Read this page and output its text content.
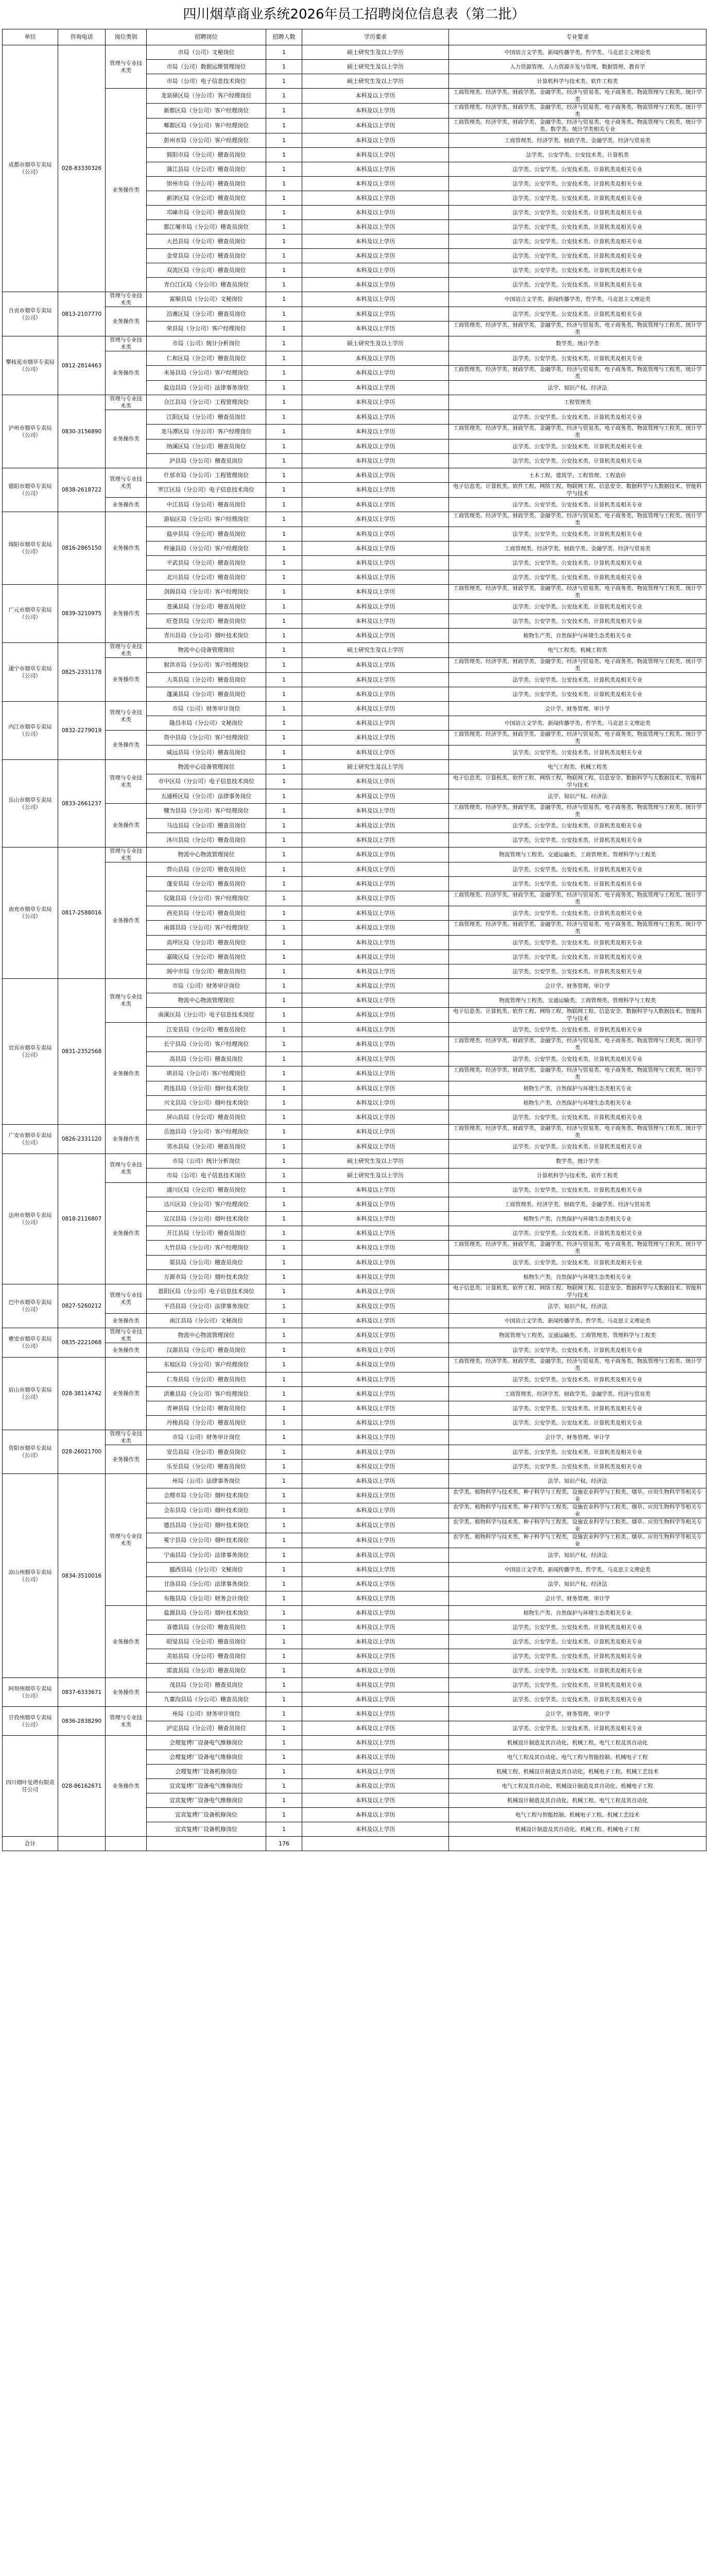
四川烟草商业系统2026年员工招聘岗位信息表（第二批）
单位	咨询电话	岗位类别	招聘岗位	招聘人数	学历要求	专业要求
成都市烟草专卖局（公司）	028-83330326	管理与专业技术类	市局（公司）文秘岗位	1	硕士研究生及以上学历	中国语言文学类、新闻传播学类、哲学类、马克思主义理论类
			市局（公司）数据运维管理岗位	1	硕士研究生及以上学历	人力资源管理、人力资源开发与管理、数据管理、教育学
			市局（公司）电子信息技术岗位	1	硕士研究生及以上学历	计算机科学与技术类、软件工程类
		业务操作类	龙泉驿区局（分公司）客户经理岗位	1	本科及以上学历	工商管理类、经济学类、财政学类、金融学类、经济与贸易类、电子商务类、物流管理与工程类、统计学类
			新都区局（分公司）客户经理岗位	1	本科及以上学历	工商管理类、经济学类、财政学类、金融学类、经济与贸易类、电子商务类、物流管理与工程类、统计学类
			郫都区局（分公司）客户经理岗位	1	本科及以上学历	工商管理类、经济学类、财政学类、金融学类、经济与贸易类、电子商务类、物流管理与工程类、统计学类、数学类、统计学类相关专业
			彭州市局（分公司）客户经理岗位	1	本科及以上学历	工商管理类、经济学类、财政学类、金融学类、经济与贸易类
			简阳市局（分公司）稽查员岗位	1	本科及以上学历	法学类、公安学类、公安技术类、计算机类
			蒲江县局（分公司）稽查员岗位	1	本科及以上学历	法学类、公安学类、公安技术类、计算机类及相关专业
			崇州市局（分公司）稽查员岗位	1	本科及以上学历	法学类、公安学类、公安技术类、计算机类及相关专业
			新津区局（分公司）稽查员岗位	1	本科及以上学历	法学类、公安学类、公安技术类、计算机类及相关专业
			邛崃市局（分公司）稽查员岗位	1	本科及以上学历	法学类、公安学类、公安技术类、计算机类及相关专业
			都江堰市局（分公司）稽查员岗位	1	本科及以上学历	法学类、公安学类、公安技术类、计算机类及相关专业
			大邑县局（分公司）稽查员岗位	1	本科及以上学历	法学类、公安学类、公安技术类、计算机类及相关专业
			金堂县局（分公司）稽查员岗位	1	本科及以上学历	法学类、公安学类、公安技术类、计算机类及相关专业
			双流区局（分公司）稽查员岗位	1	本科及以上学历	法学类、公安学类、公安技术类、计算机类及相关专业
			青白江区局（分公司）稽查员岗位	1	本科及以上学历	法学类、公安学类、公安技术类、计算机类及相关专业
自贡市烟草专卖局（公司）	0813-2107770	管理与专业技术类	富顺县局（分公司）文秘岗位	1	本科及以上学历	中国语言文学类、新闻传播学类、哲学类、马克思主义理论类
		业务操作类	沿滩区局（分公司）稽查员岗位	1	本科及以上学历	法学类、公安学类、公安技术类、计算机类及相关专业
			荣县局（分公司）客户经理岗位	1	本科及以上学历	工商管理类、经济学类、财政学类、金融学类、经济与贸易类、电子商务类、物流管理与工程类、统计学类
攀枝花市烟草专卖局（公司）	0812-2814463	管理与专业技术类	市局（公司）统计分析岗位	1	硕士研究生及以上学历	数学类、统计学类
		业务操作类	仁和区局（分公司）稽查员岗位	1	本科及以上学历	法学类、公安学类、公安技术类、计算机类及相关专业
			米易县局（分公司）客户经理岗位	1	本科及以上学历	工商管理类、经济学类、财政学类、金融学类、经济与贸易类、电子商务类、物流管理与工程类、统计学类
			盐边县局（分公司）法律事务岗位	1	本科及以上学历	法学、知识产权、经济法
泸州市烟草专卖局（公司）	0830-3156890	管理与专业技术类	合江县局（分公司）工程管理岗位	1	本科及以上学历	工程管理类
		业务操作类	江阳区局（分公司）稽查员岗位	1	本科及以上学历	法学类、公安学类、公安技术类、计算机类及相关专业
			龙马潭区局（分公司）客户经理岗位	1	本科及以上学历	工商管理类、经济学类、财政学类、金融学类、经济与贸易类、电子商务类、物流管理与工程类、统计学类
			纳溪区局（分公司）稽查员岗位	1	本科及以上学历	法学类、公安学类、公安技术类、计算机类及相关专业
			泸县局（分公司）稽查员岗位	1	本科及以上学历	法学类、公安学类、公安技术类、计算机类及相关专业
德阳市烟草专卖局（公司）	0838-2618722	管理与专业技术类	什邡市局（分公司）工程管理岗位	1	本科及以上学历	土木工程、建筑学、工程管理、工程造价
			罗江区局（分公司）电子信息技术岗位	1	本科及以上学历	电子信息类、计算机类、软件工程、网络工程、物联网工程、信息安全、数据科学与大数据技术、智能科学与技术
		业务操作类	中江县局（分公司）稽查员岗位	1	本科及以上学历	法学类、公安学类、公安技术类、计算机类及相关专业
绵阳市烟草专卖局（公司）	0816-2865150	业务操作类	游仙区局（分公司）客户经理岗位	1	本科及以上学历	工商管理类、经济学类、财政学类、金融学类、经济与贸易类、电子商务类、物流管理与工程类、统计学类
			盐亭县局（分公司）稽查员岗位	1	本科及以上学历	法学类、公安学类、公安技术类、计算机类及相关专业
			梓潼县局（分公司）客户经理岗位	1	本科及以上学历	工商管理类、经济学类、财政学类、金融学类、经济与贸易类
			平武县局（分公司）稽查员岗位	1	本科及以上学历	法学类、公安学类、公安技术类、计算机类及相关专业
			北川县局（分公司）稽查员岗位	1	本科及以上学历	法学类、公安学类、公安技术类、计算机类及相关专业
广元市烟草专卖局（公司）	0839-3210975	业务操作类	剑阁县局（分公司）客户经理岗位	1	本科及以上学历	工商管理类、经济学类、财政学类、金融学类、经济与贸易类、电子商务类、物流管理与工程类、统计学类
			苍溪县局（分公司）稽查员岗位	1	本科及以上学历	法学类、公安学类、公安技术类、计算机类及相关专业
			旺苍县局（分公司）稽查员岗位	1	本科及以上学历	法学类、公安学类、公安技术类、计算机类及相关专业
			青川县局（分公司）烟叶技术岗位	1	本科及以上学历	植物生产类、自然保护与环境生态类相关专业
遂宁市烟草专卖局（公司）	0825-2331178	管理与专业技术类	物流中心设备管理岗位	1	硕士研究生及以上学历	电气工程类、机械工程类
		业务操作类	射洪市局（分公司）客户经理岗位	1	本科及以上学历	工商管理类、经济学类、财政学类、金融学类、经济与贸易类、电子商务类、物流管理与工程类、统计学类
			大英县局（分公司）稽查员岗位	1	本科及以上学历	法学类、公安学类、公安技术类、计算机类及相关专业
			蓬溪县局（分公司）稽查员岗位	1	本科及以上学历	法学类、公安学类、公安技术类、计算机类及相关专业
内江市烟草专卖局（公司）	0832-2279019	管理与专业技术类	市局（公司）财务审计岗位	1	本科及以上学历	会计学、财务管理、审计学
			隆昌市局（分公司）文秘岗位	1	本科及以上学历	中国语言文学类、新闻传播学类、哲学类、马克思主义理论类
		业务操作类	资中县局（分公司）客户经理岗位	1	本科及以上学历	工商管理类、经济学类、财政学类、金融学类、经济与贸易类、电子商务类、物流管理与工程类、统计学类
			威远县局（分公司）稽查员岗位	1	本科及以上学历	法学类、公安学类、公安技术类、计算机类及相关专业
乐山市烟草专卖局（公司）	0833-2661237	管理与专业技术类	物流中心设备管理岗位	1	硕士研究生及以上学历	电气工程类、机械工程类
			市中区局（分公司）电子信息技术岗位	1	本科及以上学历	电子信息类、计算机类、软件工程、网络工程、物联网工程、信息安全、数据科学与大数据技术、智能科学与技术
			五通桥区局（分公司）法律事务岗位	1	本科及以上学历	法学、知识产权、经济法
		业务操作类	犍为县局（分公司）客户经理岗位	1	本科及以上学历	工商管理类、经济学类、财政学类、金融学类、经济与贸易类、电子商务类、物流管理与工程类、统计学类
			马边县局（分公司）稽查员岗位	1	本科及以上学历	法学类、公安学类、公安技术类、计算机类及相关专业
			沐川县局（分公司）稽查员岗位	1	本科及以上学历	法学类、公安学类、公安技术类、计算机类及相关专业
南充市烟草专卖局（公司）	0817-2588016	管理与专业技术类	物流中心物流管理岗位	1	本科及以上学历	物流管理与工程类、交通运输类、工商管理类、管理科学与工程类
		业务操作类	营山县局（分公司）稽查员岗位	1	本科及以上学历	法学类、公安学类、公安技术类、计算机类及相关专业
			蓬安县局（分公司）稽查员岗位	1	本科及以上学历	法学类、公安学类、公安技术类、计算机类及相关专业
			仪陇县局（分公司）客户经理岗位	1	本科及以上学历	工商管理类、经济学类、财政学类、金融学类、经济与贸易类、电子商务类、物流管理与工程类、统计学类
			西充县局（分公司）稽查员岗位	1	本科及以上学历	法学类、公安学类、公安技术类、计算机类及相关专业
			南部县局（分公司）客户经理岗位	1	本科及以上学历	工商管理类、经济学类、财政学类、金融学类、经济与贸易类、电子商务类、物流管理与工程类、统计学类
			高坪区局（分公司）稽查员岗位	1	本科及以上学历	法学类、公安学类、公安技术类、计算机类及相关专业
			嘉陵区局（分公司）稽查员岗位	1	本科及以上学历	法学类、公安学类、公安技术类、计算机类及相关专业
			阆中市局（分公司）稽查员岗位	1	本科及以上学历	法学类、公安学类、公安技术类、计算机类及相关专业
宜宾市烟草专卖局（公司）	0831-2352568	管理与专业技术类	市局（公司）财务审计岗位	1	本科及以上学历	会计学、财务管理、审计学
			物流中心物流管理岗位	1	本科及以上学历	物流管理与工程类、交通运输类、工商管理类、管理科学与工程类
			南溪区局（分公司）电子信息技术岗位	1	本科及以上学历	电子信息类、计算机类、软件工程、网络工程、物联网工程、信息安全、数据科学与大数据技术、智能科学与技术
		业务操作类	江安县局（分公司）稽查员岗位	1	本科及以上学历	法学类、公安学类、公安技术类、计算机类及相关专业
			长宁县局（分公司）客户经理岗位	1	本科及以上学历	工商管理类、经济学类、财政学类、金融学类、经济与贸易类、电子商务类、物流管理与工程类、统计学类
			高县局（分公司）稽查员岗位	1	本科及以上学历	法学类、公安学类、公安技术类、计算机类及相关专业
			珙县局（分公司）客户经理岗位	1	本科及以上学历	工商管理类、经济学类、财政学类、金融学类、经济与贸易类、电子商务类、物流管理与工程类、统计学类
			筠连县局（分公司）烟叶技术岗位	1	本科及以上学历	植物生产类、自然保护与环境生态类相关专业
			兴文县局（分公司）烟叶技术岗位	1	本科及以上学历	植物生产类、自然保护与环境生态类相关专业
			屏山县局（分公司）稽查员岗位	1	本科及以上学历	法学类、公安学类、公安技术类、计算机类及相关专业
广安市烟草专卖局（公司）	0826-2331120	业务操作类	岳池县局（分公司）客户经理岗位	1	本科及以上学历	工商管理类、经济学类、财政学类、金融学类、经济与贸易类、电子商务类、物流管理与工程类、统计学类
			邻水县局（分公司）稽查员岗位	1	本科及以上学历	法学类、公安学类、公安技术类、计算机类及相关专业
达州市烟草专卖局（公司）	0818-2116807	管理与专业技术类	市局（公司）统计分析岗位	1	硕士研究生及以上学历	数学类、统计学类
			市局（公司）电子信息技术岗位	1	硕士研究生及以上学历	计算机科学与技术类、软件工程类
		业务操作类	通川区局（分公司）稽查员岗位	1	本科及以上学历	法学类、公安学类、公安技术类、计算机类及相关专业
			达川区局（分公司）客户经理岗位	1	本科及以上学历	工商管理类、经济学类、财政学类、金融学类、经济与贸易类
			宣汉县局（分公司）烟叶技术岗位	1	本科及以上学历	植物生产类、自然保护与环境生态类相关专业
			开江县局（分公司）稽查员岗位	1	本科及以上学历	法学类、公安学类、公安技术类、计算机类及相关专业
			大竹县局（分公司）客户经理岗位	1	本科及以上学历	工商管理类、经济学类、财政学类、金融学类、经济与贸易类、电子商务类、物流管理与工程类、统计学类
			渠县局（分公司）稽查员岗位	1	本科及以上学历	法学类、公安学类、公安技术类、计算机类及相关专业
			万源市局（分公司）烟叶技术岗位	1	本科及以上学历	植物生产类、自然保护与环境生态类相关专业
巴中市烟草专卖局（公司）	0827-5260212	管理与专业技术类	恩阳区局（分公司）电子信息技术岗位	1	本科及以上学历	电子信息类、计算机类、软件工程、网络工程、物联网工程、信息安全、数据科学与大数据技术、智能科学与技术
			平昌县局（分公司）法律事务岗位	1	本科及以上学历	法学、知识产权、经济法
		业务操作类	南江县局（分公司）文秘岗位	1	本科及以上学历	中国语言文学类、新闻传播学类、哲学类、马克思主义理论类
雅安市烟草专卖局（公司）	0835-2221068	管理与专业技术类	物流中心物流管理岗位	1	本科及以上学历	物流管理与工程类、交通运输类、工商管理类、管理科学与工程类
		业务操作类	汉源县局（分公司）稽查员岗位	1	本科及以上学历	法学类、公安学类、公安技术类、计算机类及相关专业
眉山市烟草专卖局（公司）	028-38114742	业务操作类	东坡区局（分公司）客户经理岗位	1	本科及以上学历	工商管理类、经济学类、财政学类、金融学类、经济与贸易类、电子商务类、物流管理与工程类、统计学类
			仁寿县局（分公司）稽查员岗位	1	本科及以上学历	法学类、公安学类、公安技术类、计算机类及相关专业
			洪雅县局（分公司）客户经理岗位	1	本科及以上学历	工商管理类、经济学类、财政学类、金融学类、经济与贸易类
			青神县局（分公司）稽查员岗位	1	本科及以上学历	法学类、公安学类、公安技术类、计算机类及相关专业
			丹棱县局（分公司）稽查员岗位	1	本科及以上学历	法学类、公安学类、公安技术类、计算机类及相关专业
资阳市烟草专卖局（公司）	028-26021700	管理与专业技术类	市局（公司）财务审计岗位	1	本科及以上学历	会计学、财务管理、审计学
		业务操作类	安岳县局（分公司）稽查员岗位	1	本科及以上学历	法学类、公安学类、公安技术类、计算机类及相关专业
			乐至县局（分公司）稽查员岗位	1	本科及以上学历	法学类、公安学类、公安技术类、计算机类及相关专业
凉山州烟草专卖局（公司）	0834-3510016	管理与专业技术类	州局（公司）法律事务岗位	1	本科及以上学历	法学、知识产权、经济法
			会理市局（分公司）烟叶技术岗位	1	本科及以上学历	农学类、植物科学与技术类、种子科学与工程类、设施农业科学与工程类、烟草、应用生物科学等相关专业
			会东县局（分公司）烟叶技术岗位	1	本科及以上学历	农学类、植物科学与技术类、种子科学与工程类、设施农业科学与工程类、烟草、应用生物科学等相关专业
			德昌县局（分公司）烟叶技术岗位	1	本科及以上学历	农学类、植物科学与技术类、种子科学与工程类、设施农业科学与工程类、烟草、应用生物科学等相关专业
			冕宁县局（分公司）烟叶技术岗位	1	本科及以上学历	农学类、植物科学与技术类、种子科学与工程类、设施农业科学与工程类、烟草、应用生物科学等相关专业
			宁南县局（分公司）法律事务岗位	1	本科及以上学历	法学、知识产权、经济法
			越西县局（分公司）文秘岗位	1	本科及以上学历	中国语言文学类、新闻传播学类、哲学类、马克思主义理论类
			甘洛县局（分公司）法律事务岗位	1	本科及以上学历	法学、知识产权、经济法
			布拖县局（分公司）财务会计岗位	1	本科及以上学历	会计学、财务管理、审计学
		业务操作类	盐源县局（分公司）烟叶技术岗位	1	本科及以上学历	植物生产类、自然保护与环境生态类相关专业
			喜德县局（分公司）稽查员岗位	1	本科及以上学历	法学类、公安学类、公安技术类、计算机类及相关专业
			昭觉县局（分公司）稽查员岗位	1	本科及以上学历	法学类、公安学类、公安技术类、计算机类及相关专业
			美姑县局（分公司）稽查员岗位	1	本科及以上学历	法学类、公安学类、公安技术类、计算机类及相关专业
			雷波县局（分公司）稽查员岗位	1	本科及以上学历	法学类、公安学类、公安技术类、计算机类及相关专业
阿坝州烟草专卖局（公司）	0837-6333671	业务操作类	茂县局（分公司）稽查员岗位	1	本科及以上学历	法学类、公安学类、公安技术类、计算机类及相关专业
			九寨沟县局（分公司）稽查员岗位	1	本科及以上学历	法学类、公安学类、公安技术类、计算机类及相关专业
甘孜州烟草专卖局（公司）	0836-2838290	管理与专业技术类	州局（公司）财务审计岗位	1	本科及以上学历	会计学、财务管理、审计学
			泸定县局（分公司）稽查员岗位	1	本科及以上学历	法学类、公安学类、公安技术类、计算机类及相关专业
四川烟叶复烤有限责任公司	028-86162671	业务操作类	会理复烤厂设备电气维修岗位	1	本科及以上学历	机械设计制造及其自动化、机械工程、电气工程及其自动化
			会理复烤厂设备电气维修岗位	1	本科及以上学历	电气工程及其自动化、电气工程与智能控制、机械电子工程
			会理复烤厂设备机修岗位	1	本科及以上学历	机械工程、机械设计制造及其自动化、机械电子工程、机械工艺技术
			宜宾复烤厂设备电气维修岗位	1	本科及以上学历	电气工程及其自动化、机械设计制造及其自动化、机械电子工程
			宜宾复烤厂设备电气维修岗位	1	本科及以上学历	机械设计制造及其自动化、机械工程、电气工程及其自动化
			宜宾复烤厂设备机修岗位	1	本科及以上学历	电气工程与智能控制、机械电子工程、机械工艺技术
			宜宾复烤厂设备机修岗位	1	本科及以上学历	机械设计制造及其自动化、机械工程、机械电子工程
合计				176		
